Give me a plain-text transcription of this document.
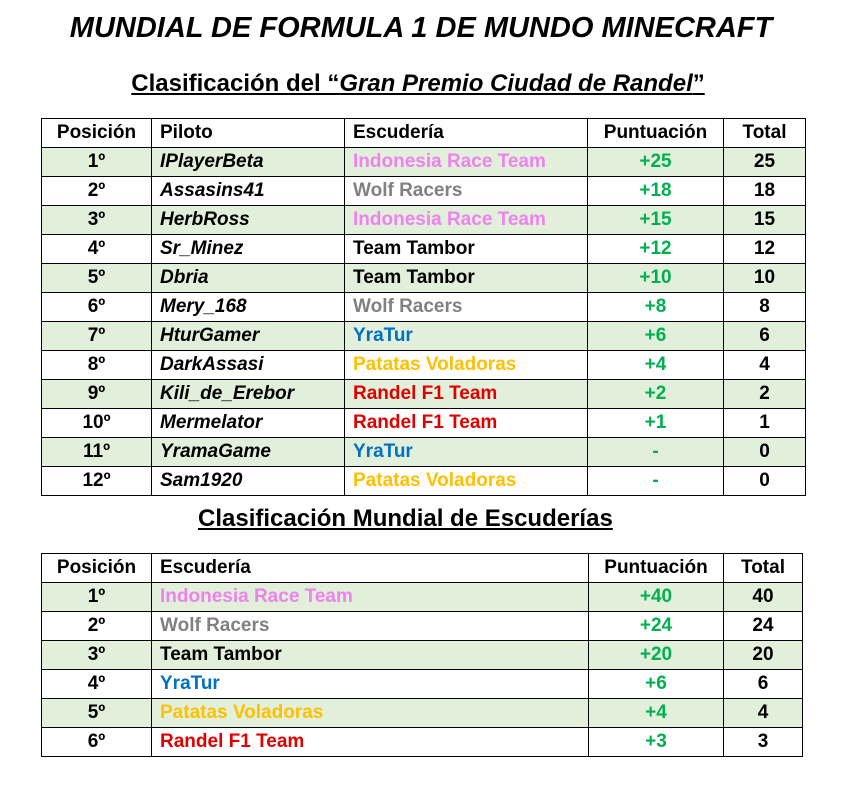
MUNDIAL DE FORMULA 1 DE MUNDO MINECRAFT
Clasificación del “Gran Premio Ciudad de Randel”
Posición	Piloto	Escudería	Puntuación	Total
1º	IPlayerBeta	Indonesia Race Team	+25	25
2º	Assasins41	Wolf Racers	+18	18
3º	HerbRoss	Indonesia Race Team	+15	15
4º	Sr_Minez	Team Tambor	+12	12
5º	Dbria	Team Tambor	+10	10
6º	Mery_168	Wolf Racers	+8	8
7º	HturGamer	YraTur	+6	6
8º	DarkAssasi	Patatas Voladoras	+4	4
9º	Kili_de_Erebor	Randel F1 Team	+2	2
10º	Mermelator	Randel F1 Team	+1	1
11º	YramaGame	YraTur	-	0
12º	Sam1920	Patatas Voladoras	-	0
Clasificación Mundial de Escuderías
Posición	Escudería	Puntuación	Total
1º	Indonesia Race Team	+40	40
2º	Wolf Racers	+24	24
3º	Team Tambor	+20	20
4º	YraTur	+6	6
5º	Patatas Voladoras	+4	4
6º	Randel F1 Team	+3	3
